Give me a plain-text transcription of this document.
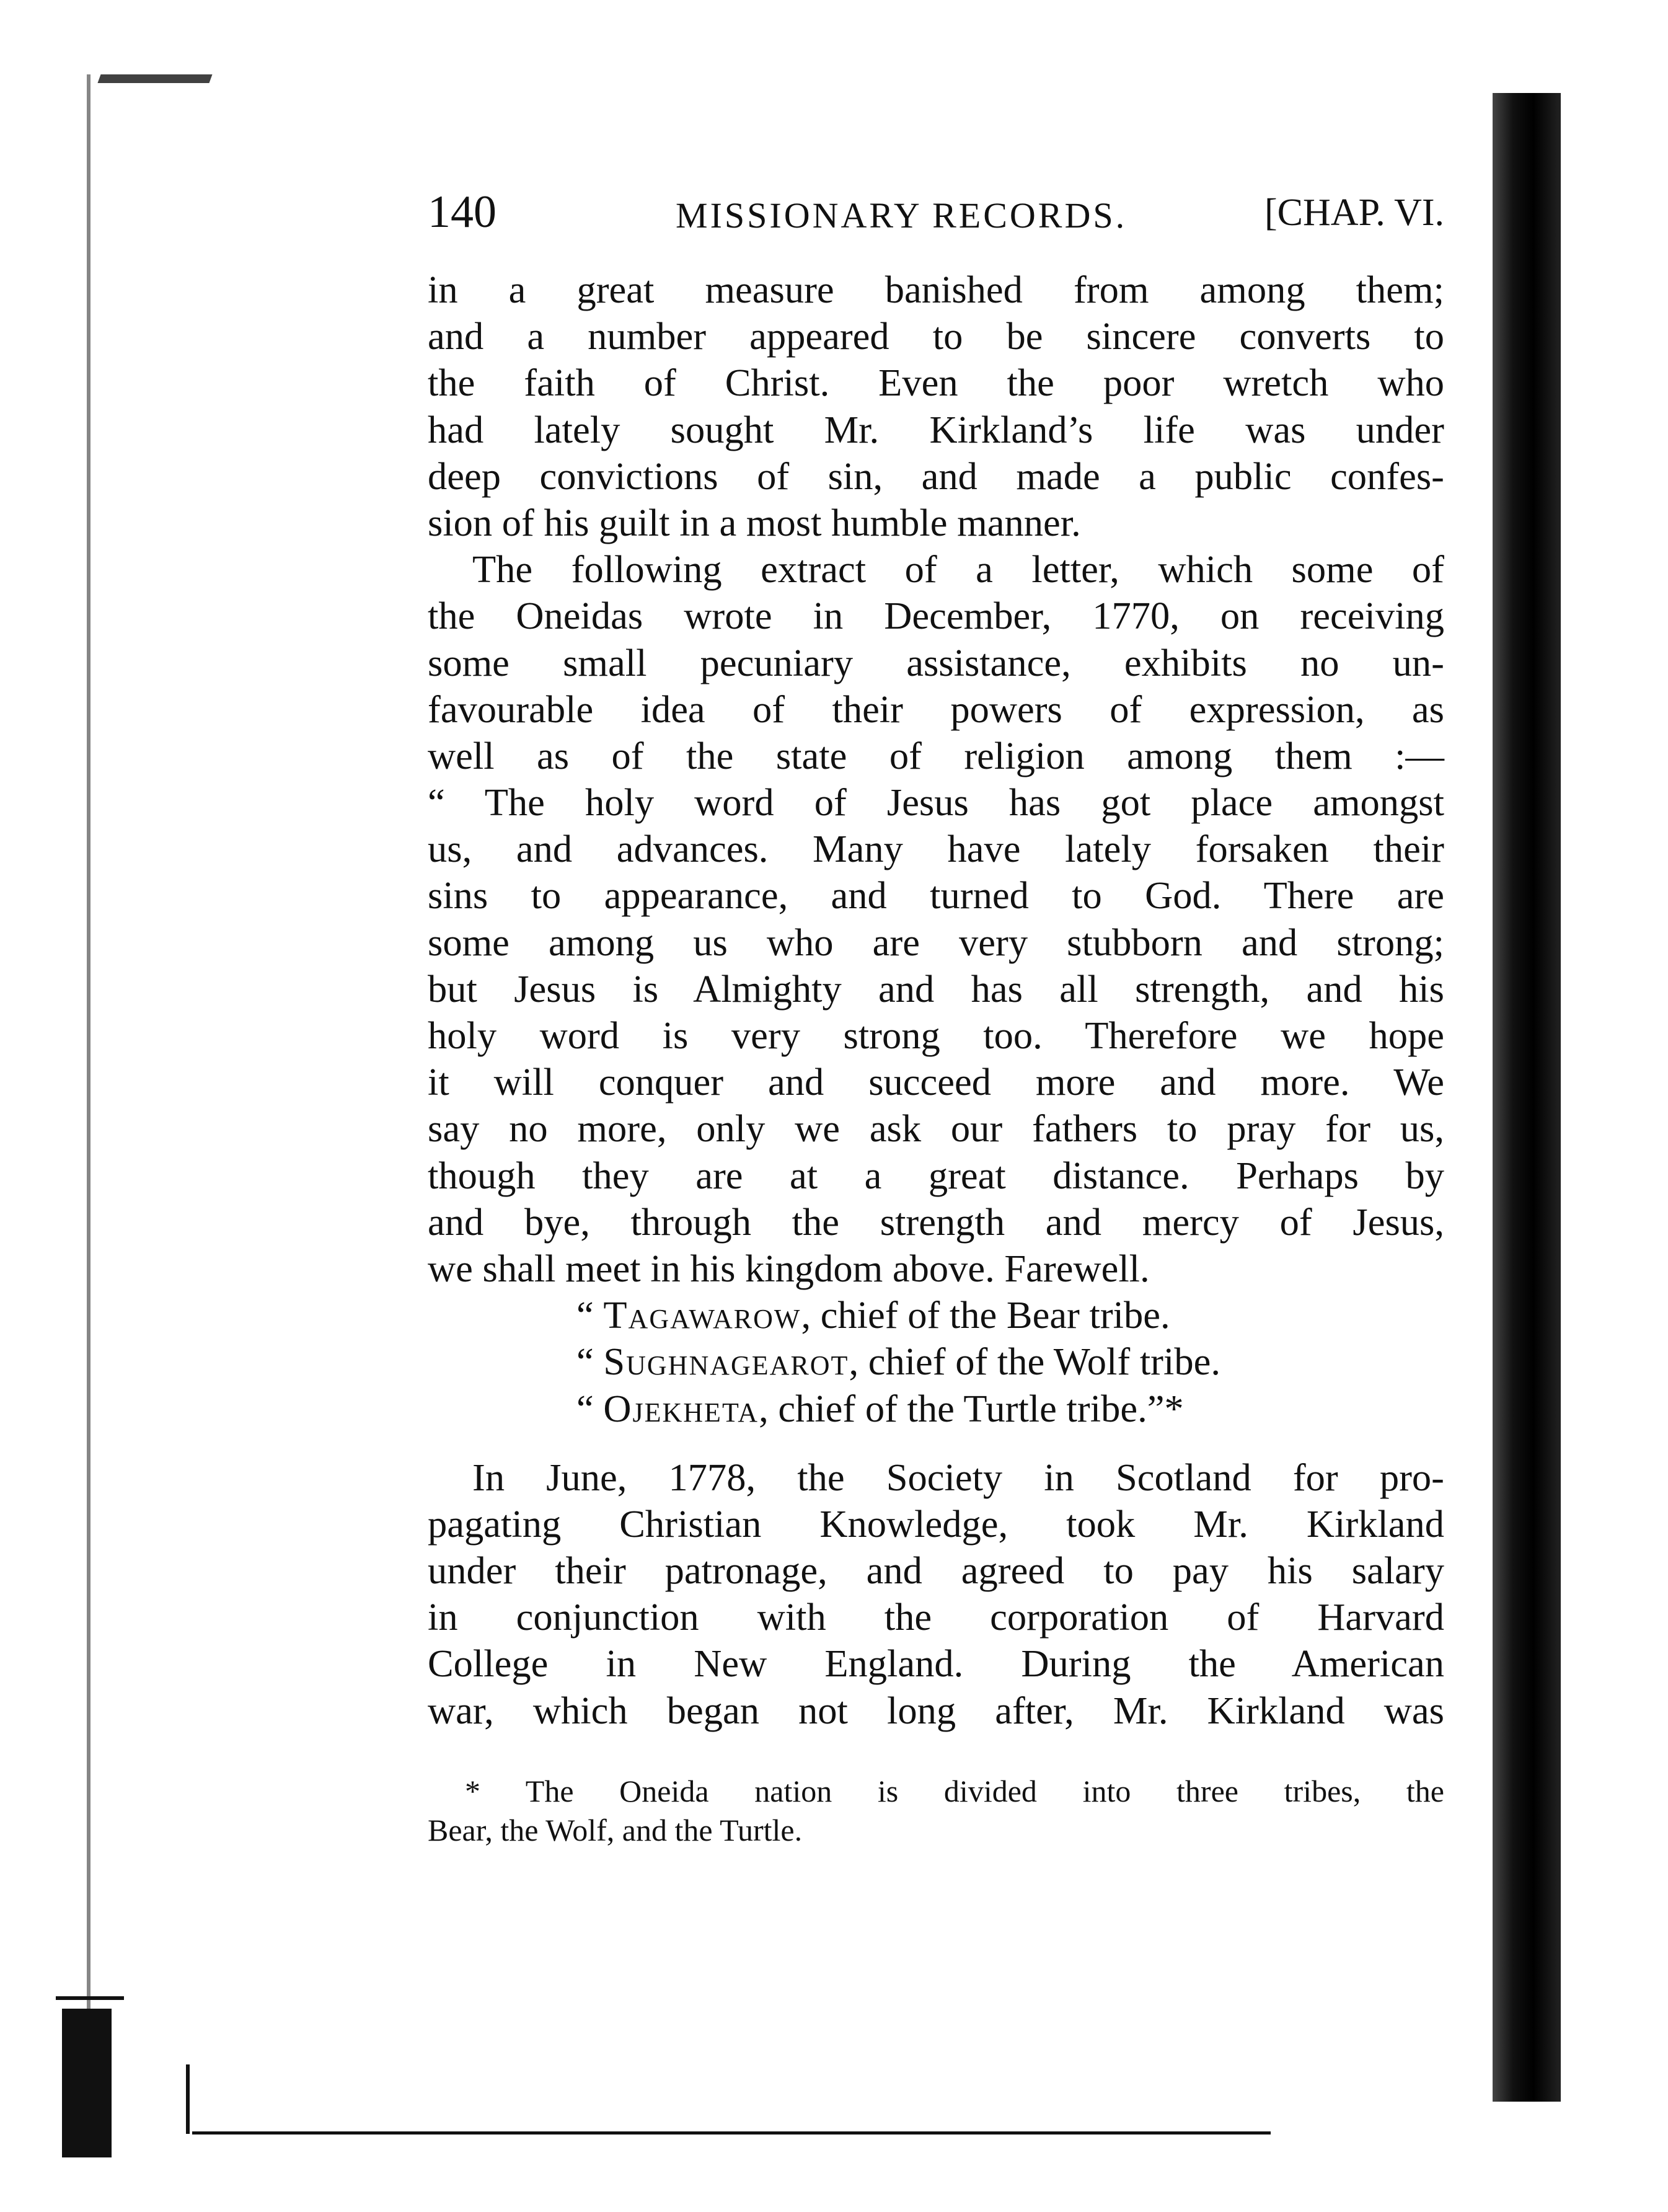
140	MISSIONARY RECORDS.	[CHAP. VI.
in a great measure banished from among them;
and a number appeared to be sincere converts to
the faith of Christ. Even the poor wretch who
had lately sought Mr. Kirkland’s life was under
deep convictions of sin, and made a public confes-
sion of his guilt in a most humble manner.
The following extract of a letter, which some of
the Oneidas wrote in December, 1770, on receiving
some small pecuniary assistance, exhibits no un-
favourable idea of their powers of expression, as
well as of the state of religion among them :—
“ The holy word of Jesus has got place amongst
us, and advances. Many have lately forsaken their
sins to appearance, and turned to God. There are
some among us who are very stubborn and strong;
but Jesus is Almighty and has all strength, and his
holy word is very strong too. Therefore we hope
it will conquer and succeed more and more. We
say no more, only we ask our fathers to pray for us,
though they are at a great distance. Perhaps by
and bye, through the strength and mercy of Jesus,
we shall meet in his kingdom above. Farewell.
“ Tagawarow, chief of the Bear tribe.
“ Sughnagearot, chief of the Wolf tribe.
“ Ojekheta, chief of the Turtle tribe.”*
In June, 1778, the Society in Scotland for pro-
pagating Christian Knowledge, took Mr. Kirkland
under their patronage, and agreed to pay his salary
in conjunction with the corporation of Harvard
College in New England. During the American
war, which began not long after, Mr. Kirkland was
* The Oneida nation is divided into three tribes, the
Bear, the Wolf, and the Turtle.
